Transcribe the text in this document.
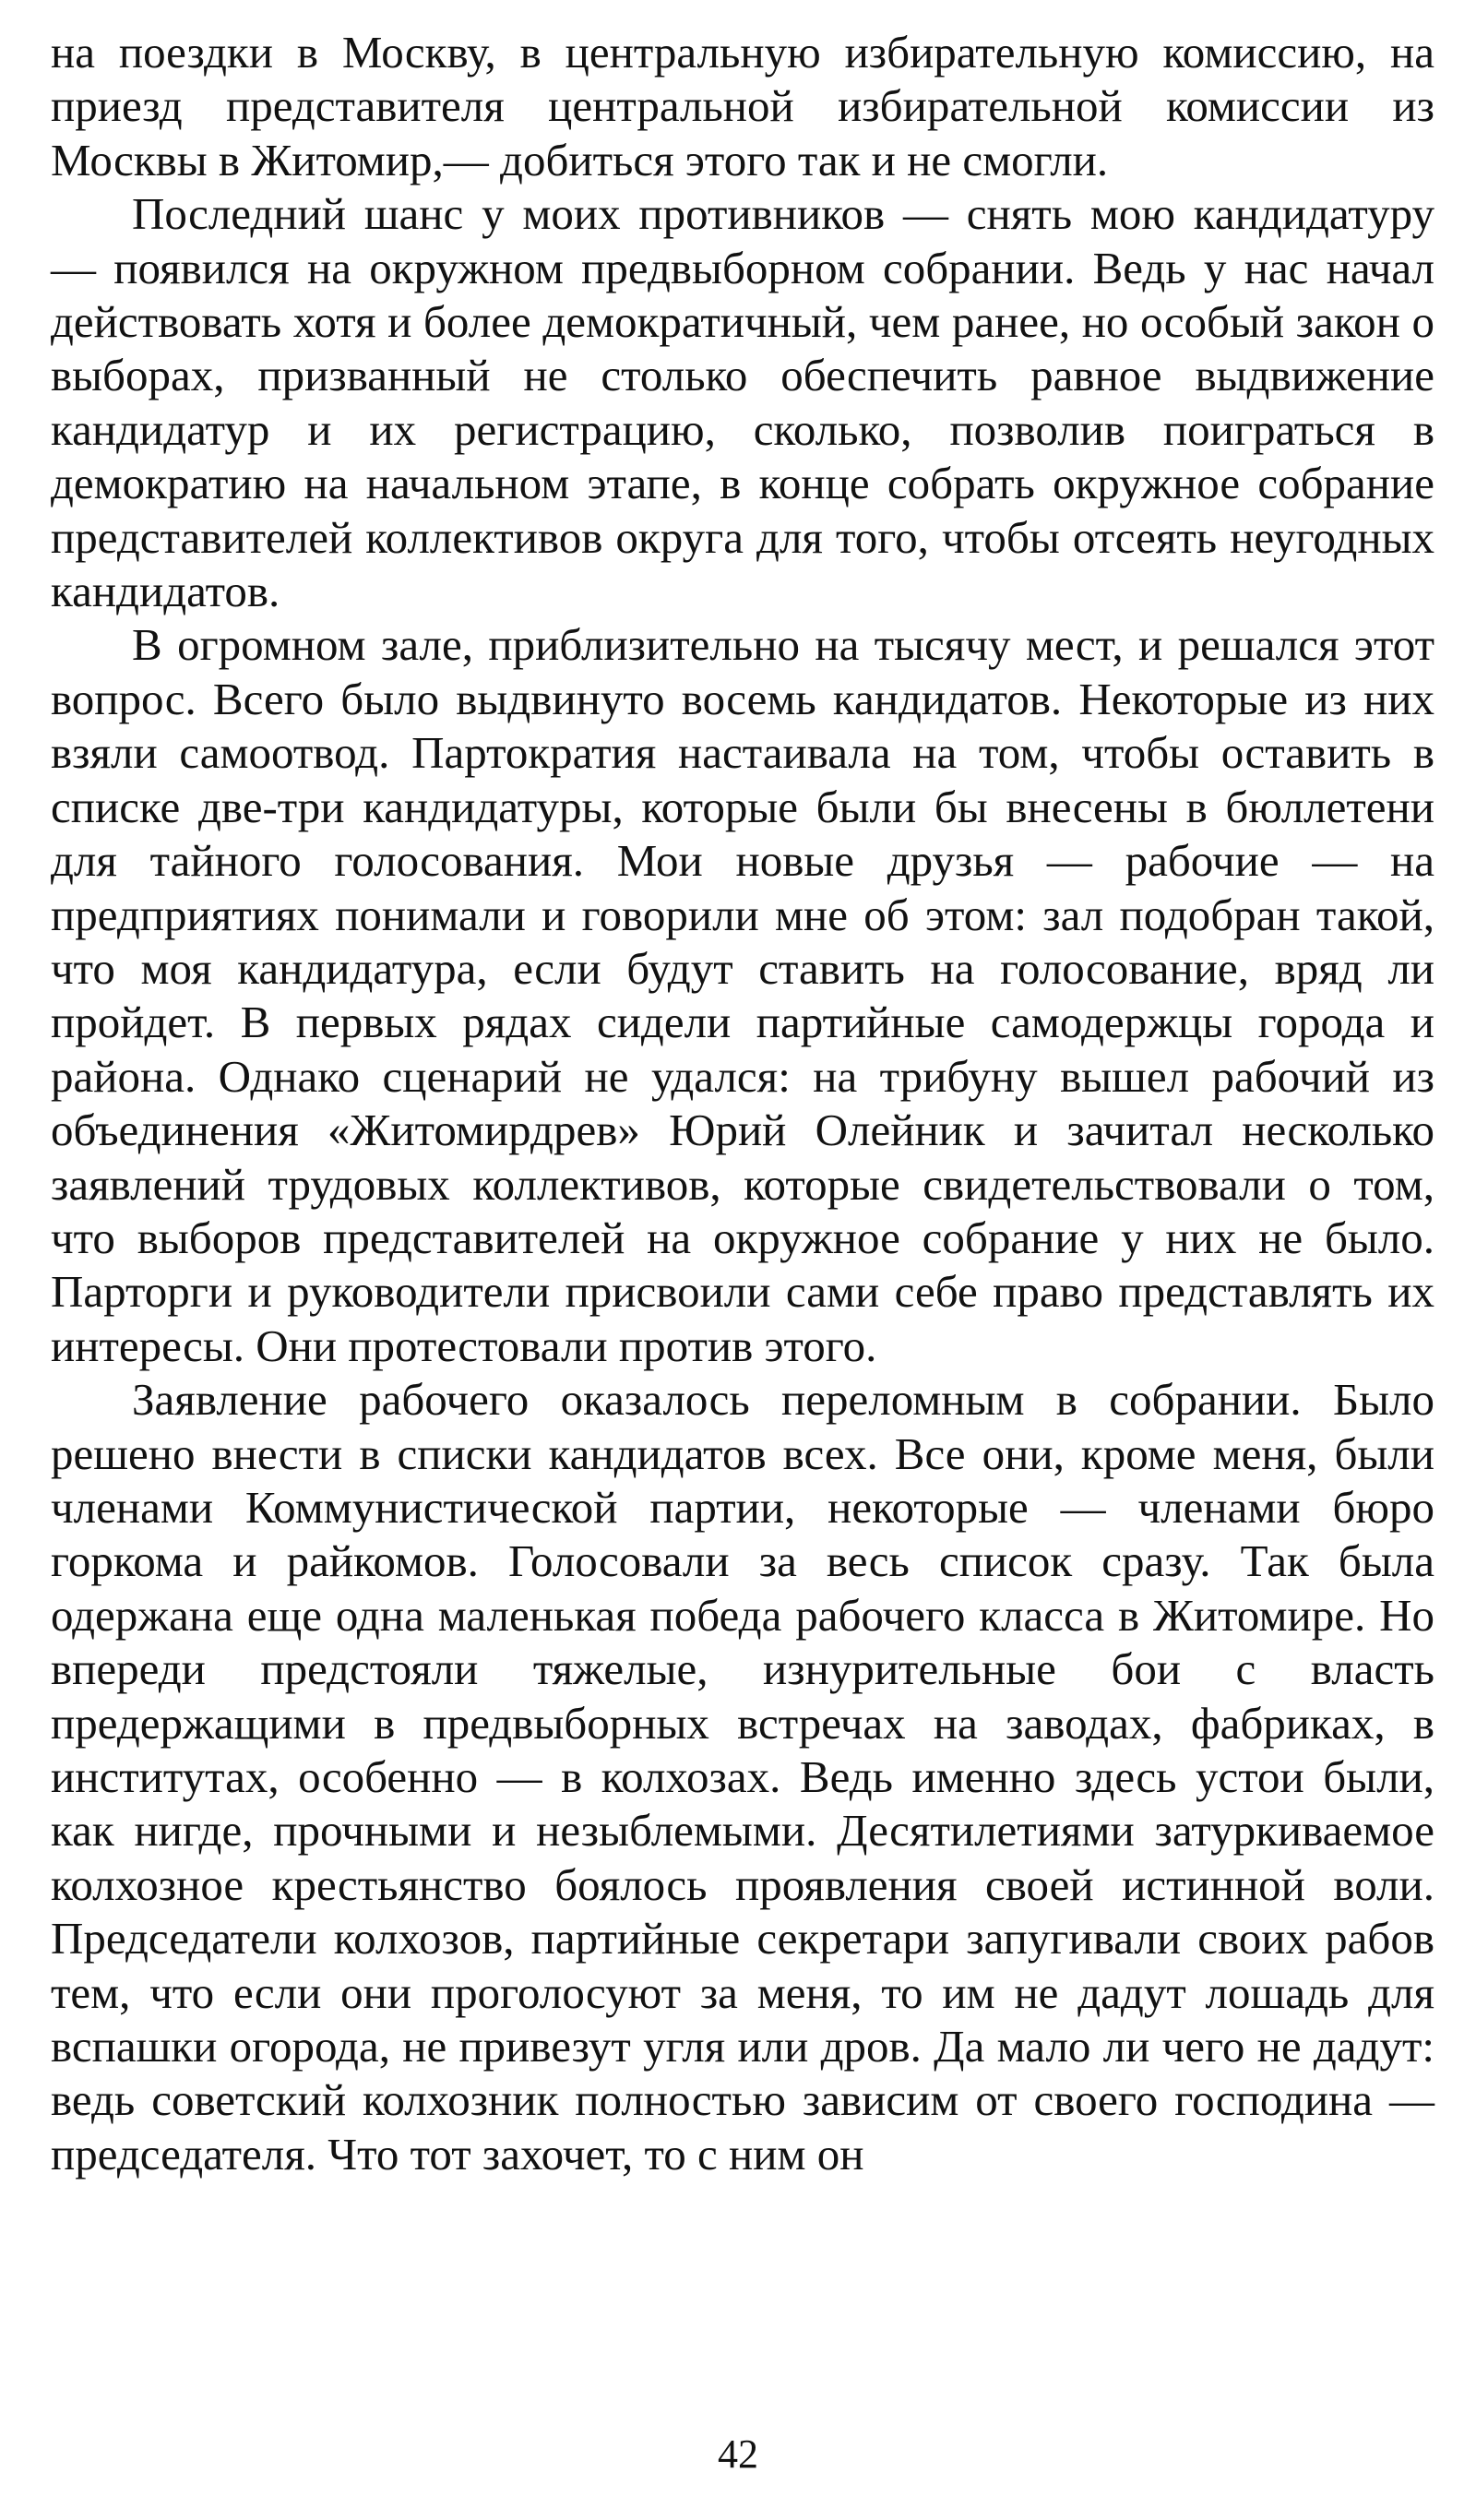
на поездки в Москву, в центральную избирательную комиссию, на приезд представителя центральной избирательной комиссии из Москвы в Житомир,— добиться этого так и не смогли.

Последний шанс у моих противников — снять мою кандидатуру — появился на окружном предвыборном собрании. Ведь у нас начал действовать хотя и более демократичный, чем ранее, но особый закон о выборах, призванный не столько обеспечить равное выдвижение кандидатур и их регистрацию, сколько, позволив поиграться в демократию на начальном этапе, в конце собрать окружное собрание представителей коллективов округа для того, чтобы отсеять неугодных кандидатов.

В огромном зале, приблизительно на тысячу мест, и решался этот вопрос. Всего было выдвинуто восемь кандидатов. Некоторые из них взяли самоотвод. Партократия настаивала на том, чтобы оставить в списке две-три кандидатуры, которые были бы внесены в бюллетени для тайного голосования. Мои новые друзья — рабочие — на предприятиях понимали и говорили мне об этом: зал подобран такой, что моя кандидатура, если будут ставить на голосование, вряд ли пройдет. В первых рядах сидели партийные самодержцы города и района. Однако сценарий не удался: на трибуну вышел рабочий из объединения «Житомирдрев» Юрий Олейник и зачитал несколько заявлений трудовых коллективов, которые свидетельствовали о том, что выборов представителей на окружное собрание у них не было. Парторги и руководители присвоили сами себе право представлять их интересы. Они протестовали против этого.

Заявление рабочего оказалось переломным в собрании. Было решено внести в списки кандидатов всех. Все они, кроме меня, были членами Коммунистической партии, некоторые — членами бюро горкома и райкомов. Голосовали за весь список сразу. Так была одержана еще одна маленькая победа рабочего класса в Житомире. Но впереди предстояли тяжелые, изнурительные бои с власть предержащими в предвыборных встречах на заводах, фабриках, в институтах, особенно — в колхозах. Ведь именно здесь устои были, как нигде, прочными и незыблемыми. Десятилетиями затуркиваемое колхозное крестьянство боялось проявления своей истинной воли. Председатели колхозов, партийные секретари запугивали своих рабов тем, что если они проголосуют за меня, то им не дадут лошадь для вспашки огорода, не привезут угля или дров. Да мало ли чего не дадут: ведь советский колхозник полностью зависим от своего господина — председателя. Что тот захочет, то с ним он

42
